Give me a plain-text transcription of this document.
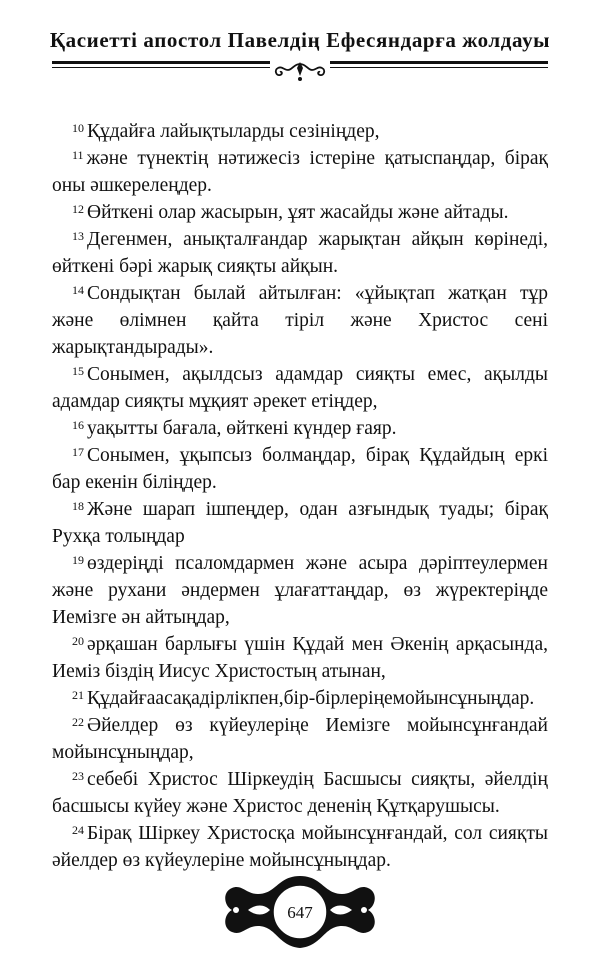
Қасиетті апостол Павелдің Ефесяндарға жолдауы

$^{10}$ Құдайға лайықтыларды сезініңдер,

$^{11}$ және түнектің нәтижесіз істеріне қатыспаңдар, бірақ оны әшкерелеңдер.

$^{12}$ Өйткені олар жасырын, ұят жасайды және айтады.

$^{13}$ Дегенмен, анықталғандар жарықтан айқын көрінеді, өйткені бәрі жарық сияқты айқын.

$^{14}$ Сондықтан былай айтылған: «ұйықтап жатқан тұр және өлімнен қайта тіріл және Христос сені жарықтандырады».

$^{15}$ Сонымен, ақылдсыз адамдар сияқты емес, ақылды адамдар сияқты мұқият әрекет етіңдер,

$^{16}$ уақытты бағала, өйткені күндер ғаяр.

$^{17}$ Сонымен, ұқыпсыз болмаңдар, бірақ Құдайдың еркі бар екенін біліңдер.

$^{18}$ Және шарап ішпеңдер, одан азғындық туады; бірақ Рухқа толыңдар

$^{19}$ өздеріңді псаломдармен және асыра дәріптеулермен және рухани әндермен ұлағаттаңдар, өз жүректеріңде Иемізге ән айтыңдар,

$^{20}$ әрқашан барлығы үшін Құдай мен Әкенің арқасында, Иеміз біздің Иисус Христостың атынан,

$^{21}$ Құдайғаасақадірлікпен,бір-бірлеріңемойынсұныңдар.

$^{22}$ Әйелдер өз күйеулеріңе Иемізге мойынсұнғандай мойынсұныңдар,

$^{23}$ себебі Христос Шіркеудің Басшысы сияқты, әйелдің басшысы күйеу және Христос дененің Құтқарушысы.

$^{24}$ Бірақ Шіркеу Христосқа мойынсұнғандай, сол сияқты әйелдер өз күйеулеріне мойынсұныңдар.

647
